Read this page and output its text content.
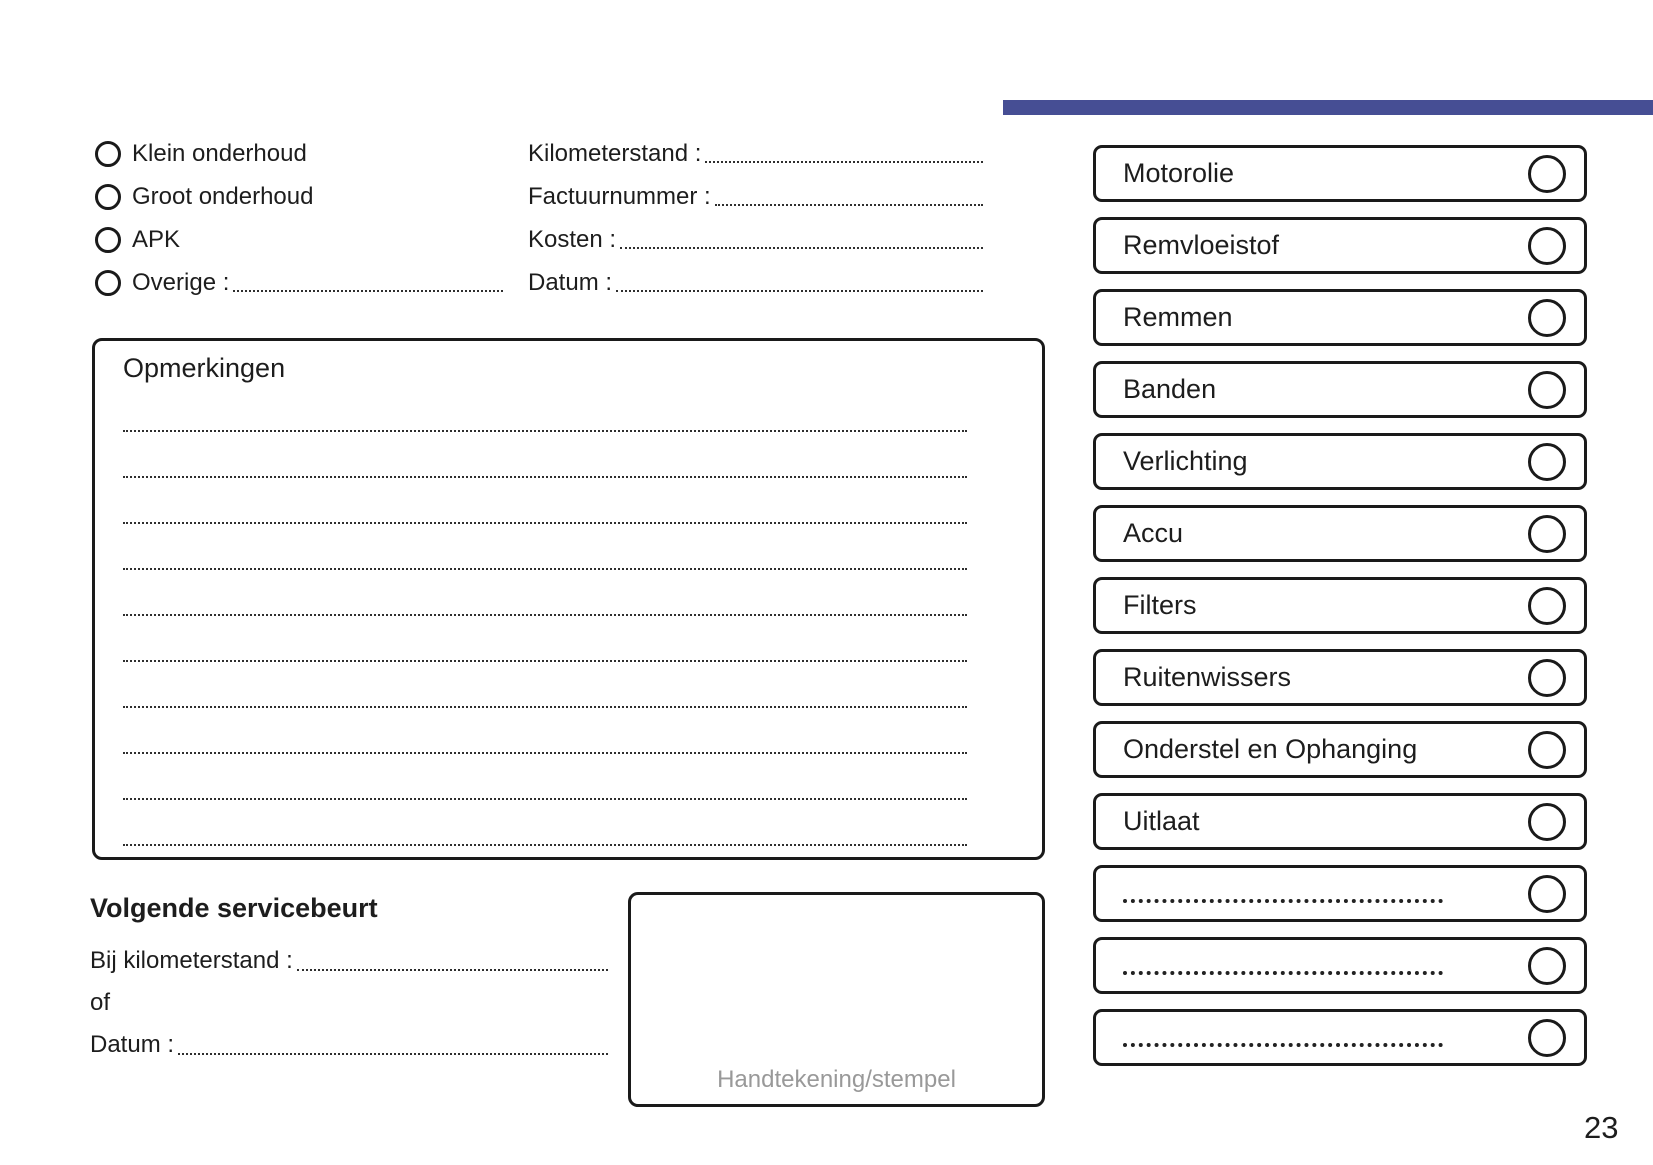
Klein onderhoud
Groot onderhoud
APK
Overige :
Kilometerstand :
Factuurnummer :
Kosten :
Datum :
Opmerkingen
Volgende servicebeurt
Bij kilometerstand :
of
Datum :
Handtekening/stempel
Motorolie
Remvloeistof
Remmen
Banden
Verlichting
Accu
Filters
Ruitenwissers
Onderstel en Ophanging
Uitlaat
23
